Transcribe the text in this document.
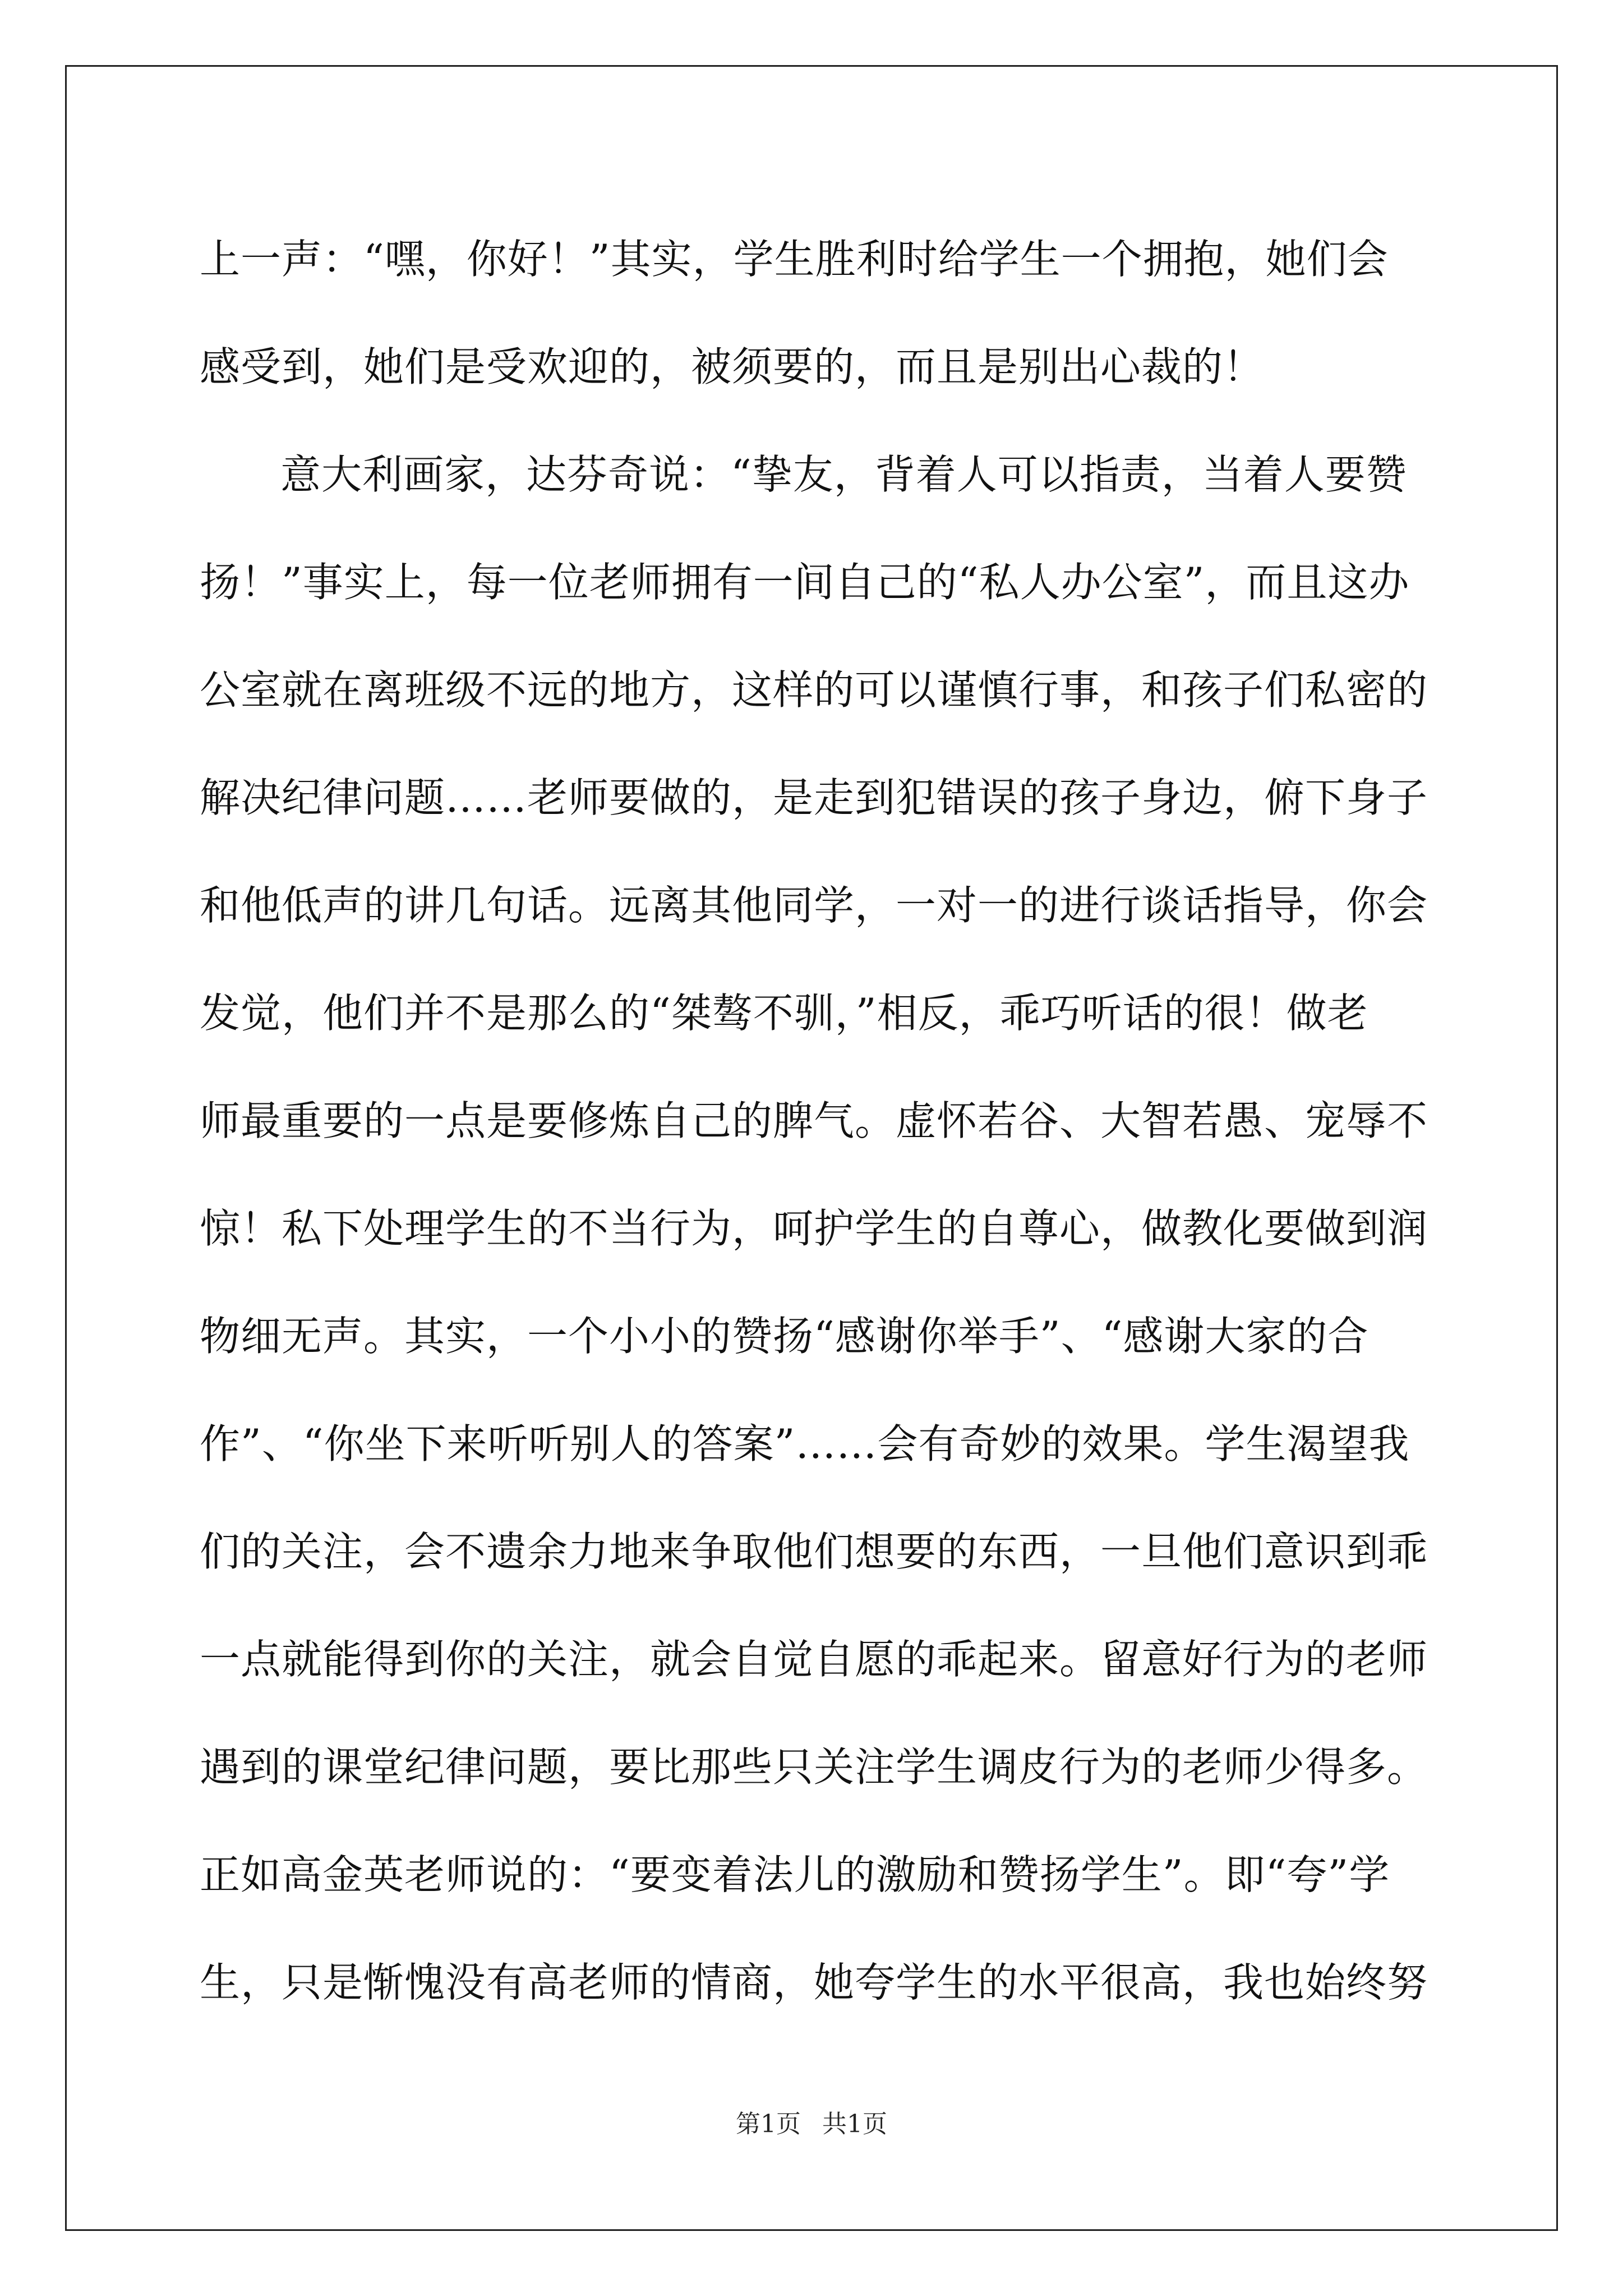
上一声：“嘿，你好！”其实，学生胜利时给学生一个拥抱，她们会
感受到，她们是受欢迎的，被须要的，而且是别出心裁的！
意大利画家，达芬奇说：“挚友，背着人可以指责，当着人要赞
扬！”事实上，每一位老师拥有一间自己的“私人办公室”，而且这办
公室就在离班级不远的地方，这样的可以谨慎行事，和孩子们私密的
解决纪律问题……老师要做的，是走到犯错误的孩子身边，俯下身子
和他低声的讲几句话。远离其他同学，一对一的进行谈话指导，你会
发觉，他们并不是那么的“桀骜不驯，”相反，乖巧听话的很！做老
师最重要的一点是要修炼自己的脾气。虚怀若谷、大智若愚、宠辱不
惊！私下处理学生的不当行为，呵护学生的自尊心，做教化要做到润
物细无声。其实，一个小小的赞扬“感谢你举手”、“感谢大家的合
作”、“你坐下来听听别人的答案”……会有奇妙的效果。学生渴望我
们的关注，会不遗余力地来争取他们想要的东西，一旦他们意识到乖
一点就能得到你的关注，就会自觉自愿的乖起来。留意好行为的老师
遇到的课堂纪律问题，要比那些只关注学生调皮行为的老师少得多。
正如高金英老师说的：“要变着法儿的激励和赞扬学生”。即“夸”学
生，只是惭愧没有高老师的情商，她夸学生的水平很高，我也始终努
第1页 共1页
